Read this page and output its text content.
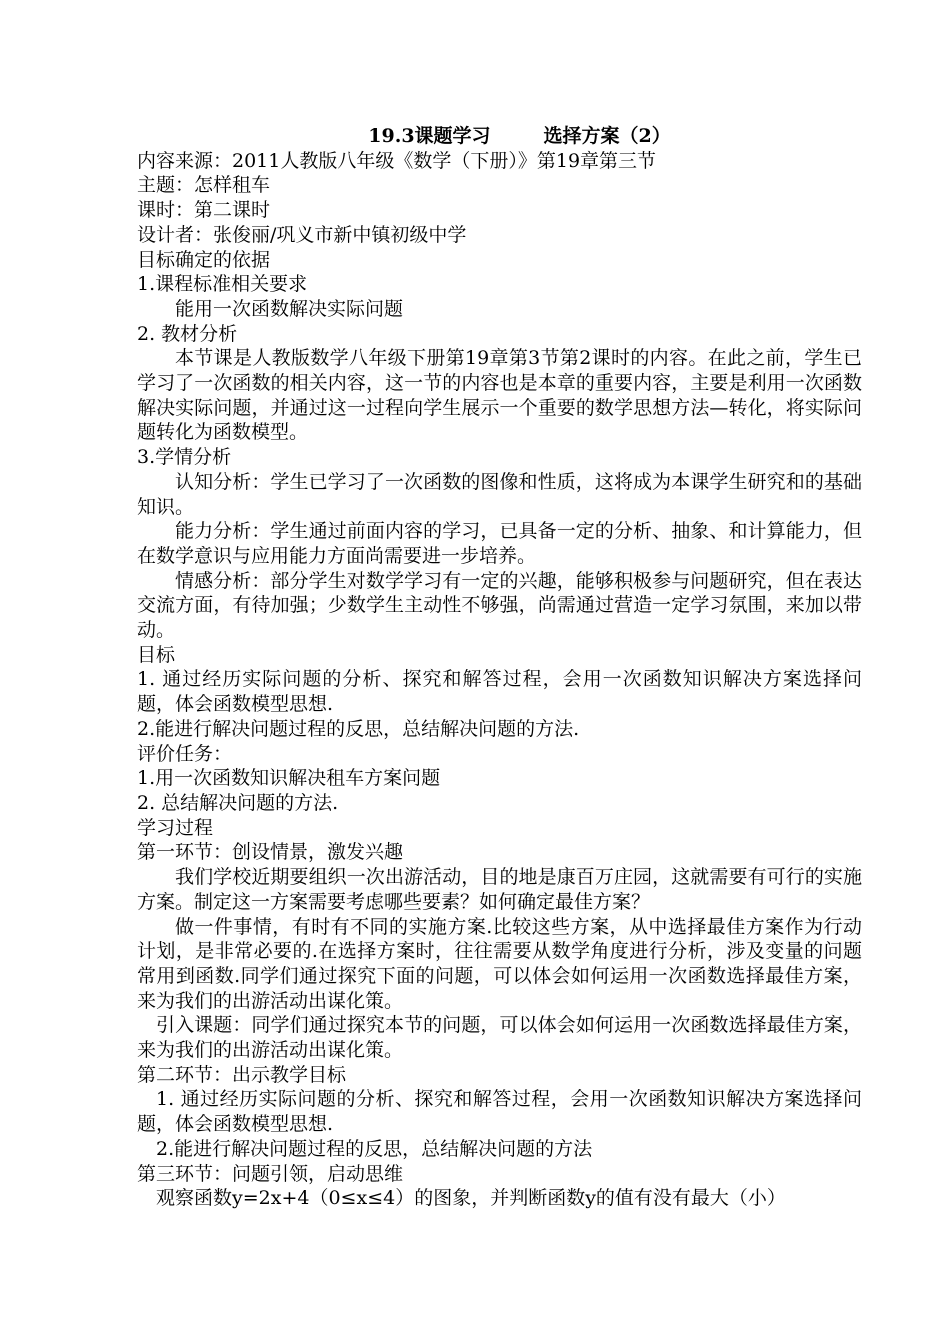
19.3课题学习        选择方案（2）
内容来源：2011人教版八年级《数学（下册）》第19章第三节
主题：怎样租车
课时：第二课时
设计者：张俊丽/巩义市新中镇初级中学
目标确定的依据
1.课程标准相关要求
能用一次函数解决实际问题
2. 教材分析
本节课是人教版数学八年级下册第19章第3节第2课时的内容。在此之前，学生已学习了一次函数的相关内容，这一节的内容也是本章的重要内容，主要是利用一次函数解决实际问题，并通过这一过程向学生展示一个重要的数学思想方法—转化，将实际问题转化为函数模型。
3.学情分析
认知分析：学生已学习了一次函数的图像和性质，这将成为本课学生研究和的基础知识。
能力分析：学生通过前面内容的学习，已具备一定的分析、抽象、和计算能力，但在数学意识与应用能力方面尚需要进一步培养。
情感分析：部分学生对数学学习有一定的兴趣，能够积极参与问题研究，但在表达交流方面，有待加强；少数学生主动性不够强，尚需通过营造一定学习氛围，来加以带动。
目标
1. 通过经历实际问题的分析、探究和解答过程，会用一次函数知识解决方案选择问题，体会函数模型思想.
2.能进行解决问题过程的反思，总结解决问题的方法.
评价任务：
1.用一次函数知识解决租车方案问题
2. 总结解决问题的方法.
学习过程
第一环节：创设情景，激发兴趣
我们学校近期要组织一次出游活动，目的地是康百万庄园，这就需要有可行的实施方案。制定这一方案需要考虑哪些要素？如何确定最佳方案？
做一件事情，有时有不同的实施方案.比较这些方案，从中选择最佳方案作为行动计划，是非常必要的.在选择方案时，往往需要从数学角度进行分析，涉及变量的问题常用到函数.同学们通过探究下面的问题，可以体会如何运用一次函数选择最佳方案，来为我们的出游活动出谋化策。
引入课题：同学们通过探究本节的问题，可以体会如何运用一次函数选择最佳方案，来为我们的出游活动出谋化策。
第二环节：出示教学目标
1. 通过经历实际问题的分析、探究和解答过程，会用一次函数知识解决方案选择问题，体会函数模型思想.
2.能进行解决问题过程的反思，总结解决问题的方法
第三环节：问题引领，启动思维
观察函数y=2x+4（0≤x≤4）的图象，并判断函数y的值有没有最大（小）
